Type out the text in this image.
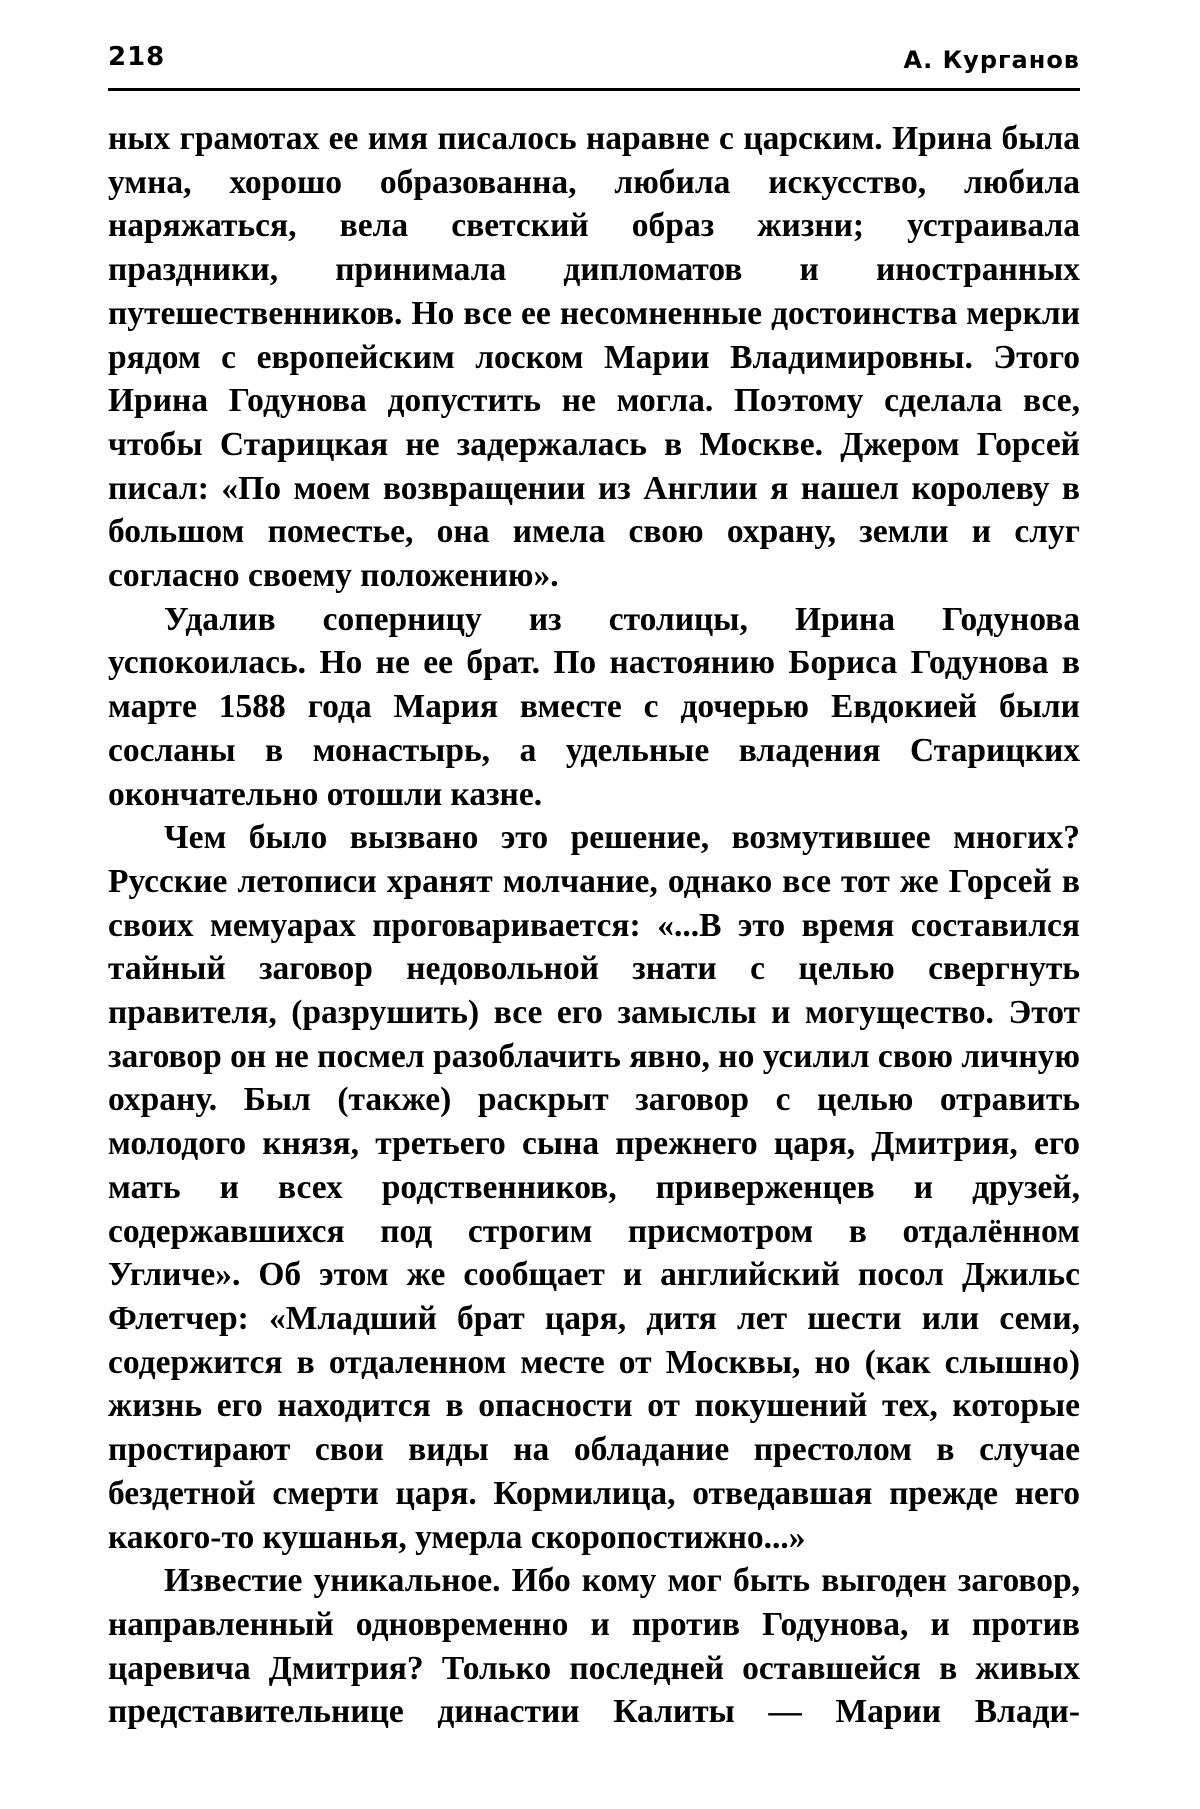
218	А. Курганов

ных грамотах ее имя писалось наравне с царским. Ирина была умна, хорошо образованна, любила искусство, любила наряжаться, вела светский образ жизни; устраивала праздники, принимала дипломатов и иностранных путешественников. Но все ее несомненные достоинства меркли рядом с европейским лоском Марии Владимировны. Этого Ирина Годунова допустить не могла. Поэтому сделала все, чтобы Старицкая не задержалась в Москве. Джером Горсей писал: «По моем возвращении из Англии я нашел королеву в большом поместье, она имела свою охрану, земли и слуг согласно своему положению».

Удалив соперницу из столицы, Ирина Годунова успокоилась. Но не ее брат. По настоянию Бориса Годунова в марте 1588 года Мария вместе с дочерью Евдокией были сосланы в монастырь, а удельные владения Старицких окончательно отошли казне.

Чем было вызвано это решение, возмутившее многих? Русские летописи хранят молчание, однако все тот же Горсей в своих мемуарах проговаривается: «...В это время составился тайный заговор недовольной знати с целью свергнуть правителя, (разрушить) все его замыслы и могущество. Этот заговор он не посмел разоблачить явно, но усилил свою личную охрану. Был (также) раскрыт заговор с целью отравить молодого князя, третьего сына прежнего царя, Дмитрия, его мать и всех родственников, приверженцев и друзей, содержавшихся под строгим присмотром в отдалённом Угличе». Об этом же сообщает и английский посол Джильс Флетчер: «Младший брат царя, дитя лет шести или семи, содержится в отдаленном месте от Москвы, но (как слышно) жизнь его находится в опасности от покушений тех, которые простирают свои виды на обладание престолом в случае бездетной смерти царя. Кормилица, отведавшая прежде него какого-то кушанья, умерла скоропостижно...»

Известие уникальное. Ибо кому мог быть выгоден заговор, направленный одновременно и против Годунова, и против царевича Дмитрия? Только последней оставшейся в живых представительнице династии Калиты — Марии Влади-
